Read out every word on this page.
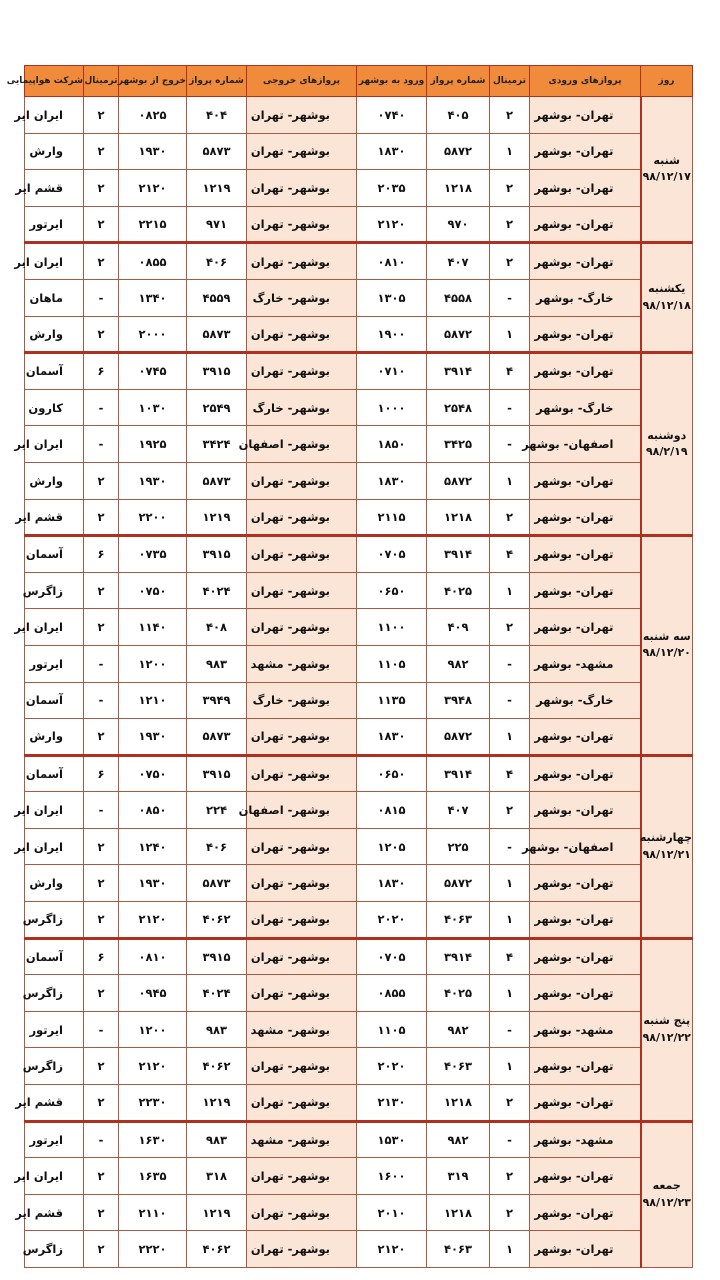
روز	پروازهای ورودی	ترمینال	شماره پرواز	ورود به بوشهر	پروازهای خروجی	شماره پرواز	خروج از بوشهر	ترمینال	شرکت هواپیمایی

شنبه
۹۸/۱۲/۱۷	تهران- بوشهر	۲	۴۰۵	۰۷۴۰	بوشهر- تهران	۴۰۴	۰۸۲۵	۲	ایران ایر
	تهران- بوشهر	۱	۵۸۷۲	۱۸۳۰	بوشهر- تهران	۵۸۷۳	۱۹۳۰	۲	وارش
	تهران- بوشهر	۲	۱۲۱۸	۲۰۳۵	بوشهر- تهران	۱۲۱۹	۲۱۲۰	۲	قشم ایر
	تهران- بوشهر	۲	۹۷۰	۲۱۲۰	بوشهر- تهران	۹۷۱	۲۲۱۵	۲	ایرتور

یکشنبه
۹۸/۱۲/۱۸	تهران- بوشهر	۲	۴۰۷	۰۸۱۰	بوشهر- تهران	۴۰۶	۰۸۵۵	۲	ایران ایر
	خارگ- بوشهر	-	۴۵۵۸	۱۳۰۵	بوشهر- خارگ	۴۵۵۹	۱۳۴۰	-	ماهان
	تهران- بوشهر	۱	۵۸۷۲	۱۹۰۰	بوشهر- تهران	۵۸۷۳	۲۰۰۰	۲	وارش

دوشنبه
۹۸/۲/۱۹	تهران- بوشهر	۴	۳۹۱۴	۰۷۱۰	بوشهر- تهران	۳۹۱۵	۰۷۴۵	۶	آسمان
	خارگ- بوشهر	-	۲۵۴۸	۱۰۰۰	بوشهر- خارگ	۲۵۴۹	۱۰۳۰	-	کارون
	اصفهان- بوشهر	-	۳۴۲۵	۱۸۵۰	بوشهر- اصفهان	۳۴۲۴	۱۹۲۵	-	ایران ایر
	تهران- بوشهر	۱	۵۸۷۲	۱۸۳۰	بوشهر- تهران	۵۸۷۳	۱۹۳۰	۲	وارش
	تهران- بوشهر	۲	۱۲۱۸	۲۱۱۵	بوشهر- تهران	۱۲۱۹	۲۲۰۰	۲	قشم ایر

سه شنبه
۹۸/۱۲/۲۰	تهران- بوشهر	۴	۳۹۱۴	۰۷۰۵	بوشهر- تهران	۳۹۱۵	۰۷۳۵	۶	آسمان
	تهران- بوشهر	۱	۴۰۲۵	۰۶۵۰	بوشهر- تهران	۴۰۲۴	۰۷۵۰	۲	زاگرس
	تهران- بوشهر	۲	۴۰۹	۱۱۰۰	بوشهر- تهران	۴۰۸	۱۱۴۰	۲	ایران ایر
	مشهد- بوشهر	-	۹۸۲	۱۱۰۵	بوشهر- مشهد	۹۸۳	۱۲۰۰	-	ایرتور
	خارگ- بوشهر	-	۳۹۴۸	۱۱۳۵	بوشهر- خارگ	۳۹۴۹	۱۲۱۰	-	آسمان
	تهران- بوشهر	۱	۵۸۷۲	۱۸۳۰	بوشهر- تهران	۵۸۷۳	۱۹۳۰	۲	وارش

چهارشنبه
۹۸/۱۲/۲۱	تهران- بوشهر	۴	۳۹۱۴	۰۶۵۰	بوشهر- تهران	۳۹۱۵	۰۷۵۰	۶	آسمان
	تهران- بوشهر	۲	۴۰۷	۰۸۱۵	بوشهر- اصفهان	۲۲۴	۰۸۵۰	-	ایران ایر
	اصفهان- بوشهر	-	۲۲۵	۱۲۰۵	بوشهر- تهران	۴۰۶	۱۲۴۰	۲	ایران ایر
	تهران- بوشهر	۱	۵۸۷۲	۱۸۳۰	بوشهر- تهران	۵۸۷۳	۱۹۳۰	۲	وارش
	تهران- بوشهر	۱	۴۰۶۳	۲۰۲۰	بوشهر- تهران	۴۰۶۲	۲۱۲۰	۲	زاگرس

پنج شنبه
۹۸/۱۲/۲۲	تهران- بوشهر	۴	۳۹۱۴	۰۷۰۵	بوشهر- تهران	۳۹۱۵	۰۸۱۰	۶	آسمان
	تهران- بوشهر	۱	۴۰۲۵	۰۸۵۵	بوشهر- تهران	۴۰۲۴	۰۹۴۵	۲	زاگرس
	مشهد- بوشهر	-	۹۸۲	۱۱۰۵	بوشهر- مشهد	۹۸۳	۱۲۰۰	-	ایرتور
	تهران- بوشهر	۱	۴۰۶۳	۲۰۲۰	بوشهر- تهران	۴۰۶۲	۲۱۲۰	۲	زاگرس
	تهران- بوشهر	۲	۱۲۱۸	۲۱۳۰	بوشهر- تهران	۱۲۱۹	۲۲۳۰	۲	قشم ایر

جمعه
۹۸/۱۲/۲۳	مشهد- بوشهر	-	۹۸۲	۱۵۳۰	بوشهر- مشهد	۹۸۳	۱۶۳۰	-	ایرتور
	تهران- بوشهر	۲	۳۱۹	۱۶۰۰	بوشهر- تهران	۳۱۸	۱۶۳۵	۲	ایران ایر
	تهران- بوشهر	۲	۱۲۱۸	۲۰۱۰	بوشهر- تهران	۱۲۱۹	۲۱۱۰	۲	قشم ایر
	تهران- بوشهر	۱	۴۰۶۳	۲۱۲۰	بوشهر- تهران	۴۰۶۲	۲۲۲۰	۲	زاگرس
